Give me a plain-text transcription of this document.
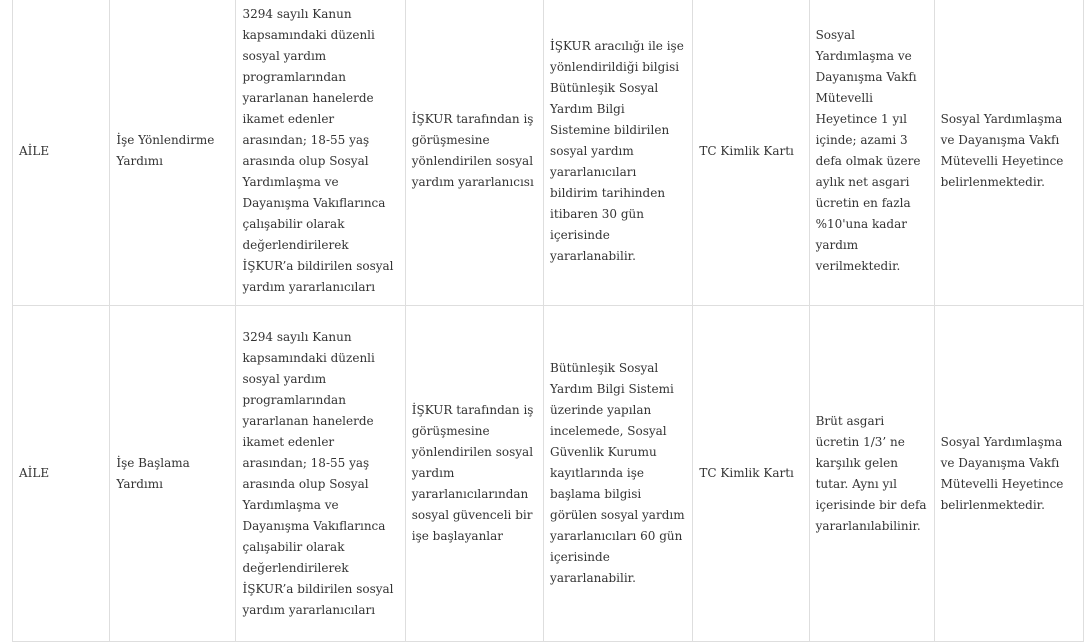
AİLE	İşe Yönlendirme Yardımı	3294 sayılı Kanun kapsamındaki düzenli sosyal yardım programlarından yararlanan hanelerde ikamet edenler arasından; 18-55 yaş arasında olup Sosyal Yardımlaşma ve Dayanışma Vakıflarınca çalışabilir olarak değerlendirilerek İŞKUR’a bildirilen sosyal yardım yararlanıcıları	İŞKUR tarafından iş görüşmesine yönlendirilen sosyal yardım yararlanıcısı	İŞKUR aracılığı ile işe yönlendirildiği bilgisi Bütünleşik Sosyal Yardım Bilgi Sistemine bildirilen sosyal yardım yararlanıcıları bildirim tarihinden itibaren 30 gün içerisinde yararlanabilir.	TC Kimlik Kartı	Sosyal Yardımlaşma ve Dayanışma Vakfı Mütevelli Heyetince 1 yıl içinde; azami 3 defa olmak üzere aylık net asgari ücretin en fazla %10'una kadar yardım verilmektedir.	Sosyal Yardımlaşma ve Dayanışma Vakfı Mütevelli Heyetince belirlenmektedir.
AİLE	İşe Başlama Yardımı	3294 sayılı Kanun kapsamındaki düzenli sosyal yardım programlarından yararlanan hanelerde ikamet edenler arasından; 18-55 yaş arasında olup Sosyal Yardımlaşma ve Dayanışma Vakıflarınca çalışabilir olarak değerlendirilerek İŞKUR’a bildirilen sosyal yardım yararlanıcıları	İŞKUR tarafından iş görüşmesine yönlendirilen sosyal yardım yararlanıcılarından sosyal güvenceli bir işe başlayanlar	Bütünleşik Sosyal Yardım Bilgi Sistemi üzerinde yapılan incelemede, Sosyal Güvenlik Kurumu kayıtlarında işe başlama bilgisi görülen sosyal yardım yararlanıcıları 60 gün içerisinde yararlanabilir.	TC Kimlik Kartı	Brüt asgari ücretin 1/3’ ne karşılık gelen tutar. Aynı yıl içerisinde bir defa yararlanılabilinir.	Sosyal Yardımlaşma ve Dayanışma Vakfı Mütevelli Heyetince belirlenmektedir.
